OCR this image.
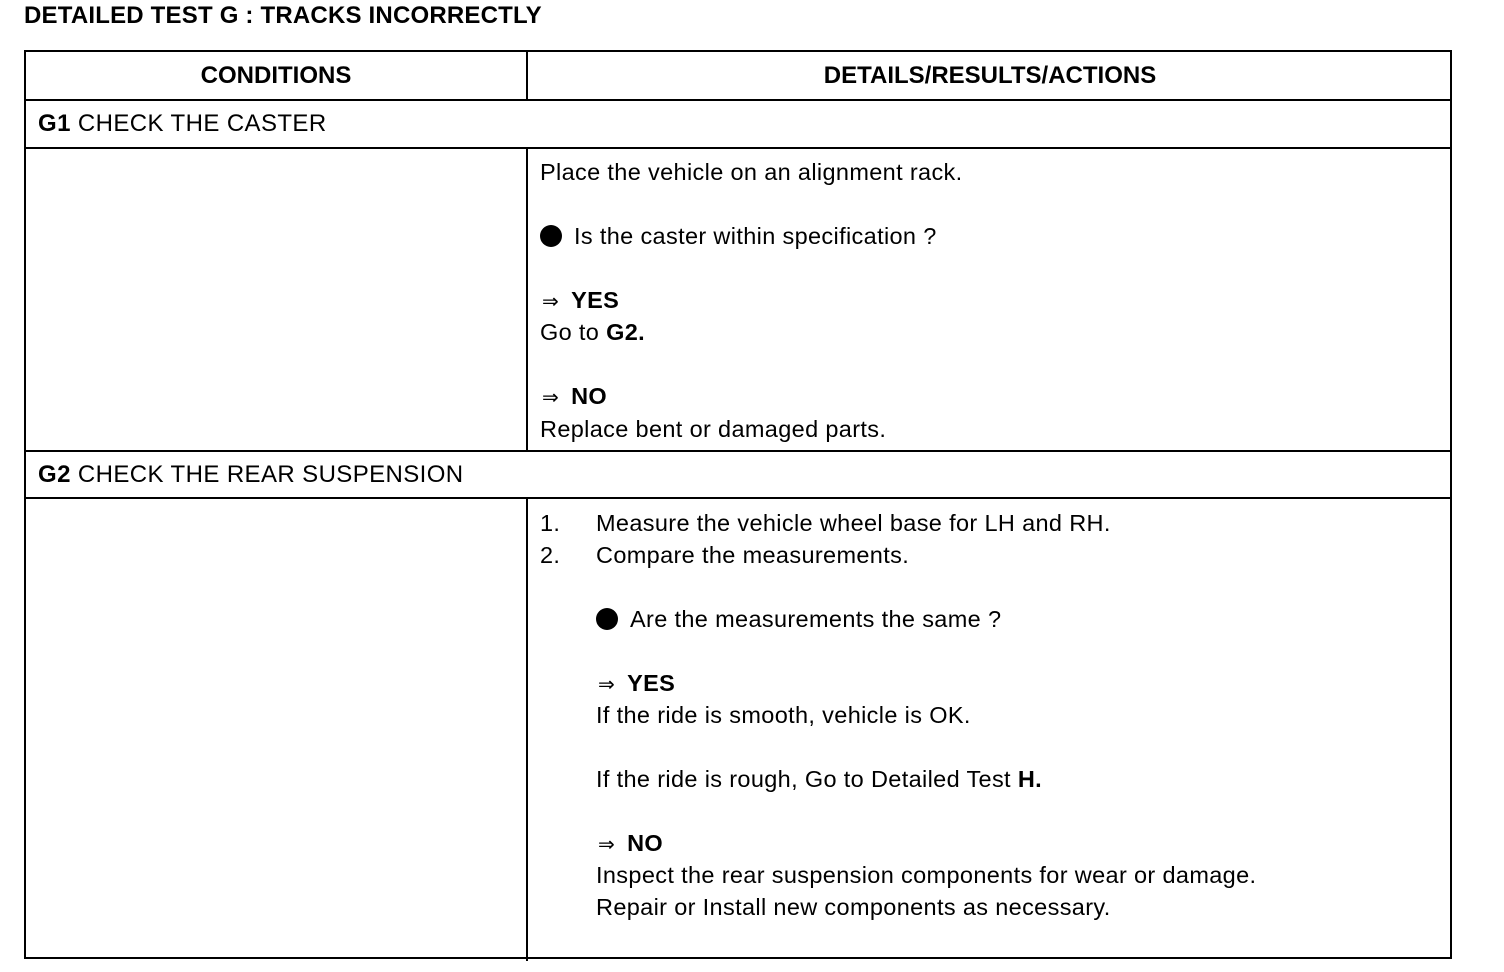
DETAILED TEST G : TRACKS INCORRECTLY
CONDITIONS	DETAILS/RESULTS/ACTIONS
G1 CHECK THE CASTER
Place the vehicle on an alignment rack.
Is the caster within specification ?
⇒ YES
Go to G2.
⇒ NO
Replace bent or damaged parts.
G2 CHECK THE REAR SUSPENSION
1. Measure the vehicle wheel base for LH and RH.
2. Compare the measurements.
Are the measurements the same ?
⇒ YES
If the ride is smooth, vehicle is OK.
If the ride is rough, Go to Detailed Test H.
⇒ NO
Inspect the rear suspension components for wear or damage.
Repair or Install new components as necessary.
